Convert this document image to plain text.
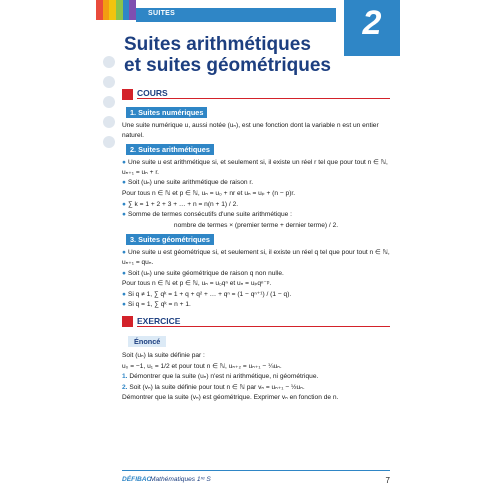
SUITES	2
Suites arithmétiques
et suites géométriques
COURS
1. Suites numériques
Une suite numérique u, aussi notée (uₙ), est une fonction dont la variable n est un entier naturel.
2. Suites arithmétiques
● Une suite u est arithmétique si, et seulement si, il existe un réel r tel que pour tout n ∈ ℕ, uₙ₊₁ = uₙ + r.
● Soit (uₙ) une suite arithmétique de raison r.
Pour tous n ∈ ℕ et p ∈ ℕ, uₙ = u₀ + nr et uₙ = uₚ + (n − p)r.
● ∑ k = 1 + 2 + 3 + … + n = n(n + 1) / 2.
● Somme de termes consécutifs d'une suite arithmétique :
nombre de termes × (premier terme + dernier terme) / 2.
3. Suites géométriques
● Une suite u est géométrique si, et seulement si, il existe un réel q tel que pour tout n ∈ ℕ, uₙ₊₁ = quₙ.
● Soit (uₙ) une suite géométrique de raison q non nulle.
Pour tous n ∈ ℕ et p ∈ ℕ, uₙ = u₀qⁿ et uₙ = uₚqⁿ⁻ᵖ.
● Si q ≠ 1, ∑ qᵏ = 1 + q + q² + … + qⁿ = (1 − qⁿ⁺¹) / (1 − q).
● Si q = 1, ∑ qᵏ = n + 1.
EXERCICE
Énoncé
Soit (uₙ) la suite définie par :
u₀ = −1, u₁ = 1/2 et pour tout n ∈ ℕ, uₙ₊₂ = uₙ₊₁ − ¼uₙ.
1. Démontrer que la suite (uₙ) n'est ni arithmétique, ni géométrique.
2. Soit (vₙ) la suite définie pour tout n ∈ ℕ par vₙ = uₙ₊₁ − ½uₙ.
Démontrer que la suite (vₙ) est géométrique. Exprimer vₙ en fonction de n.
DÉFIBAC
Mathématiques 1ʳᵉ S	7
